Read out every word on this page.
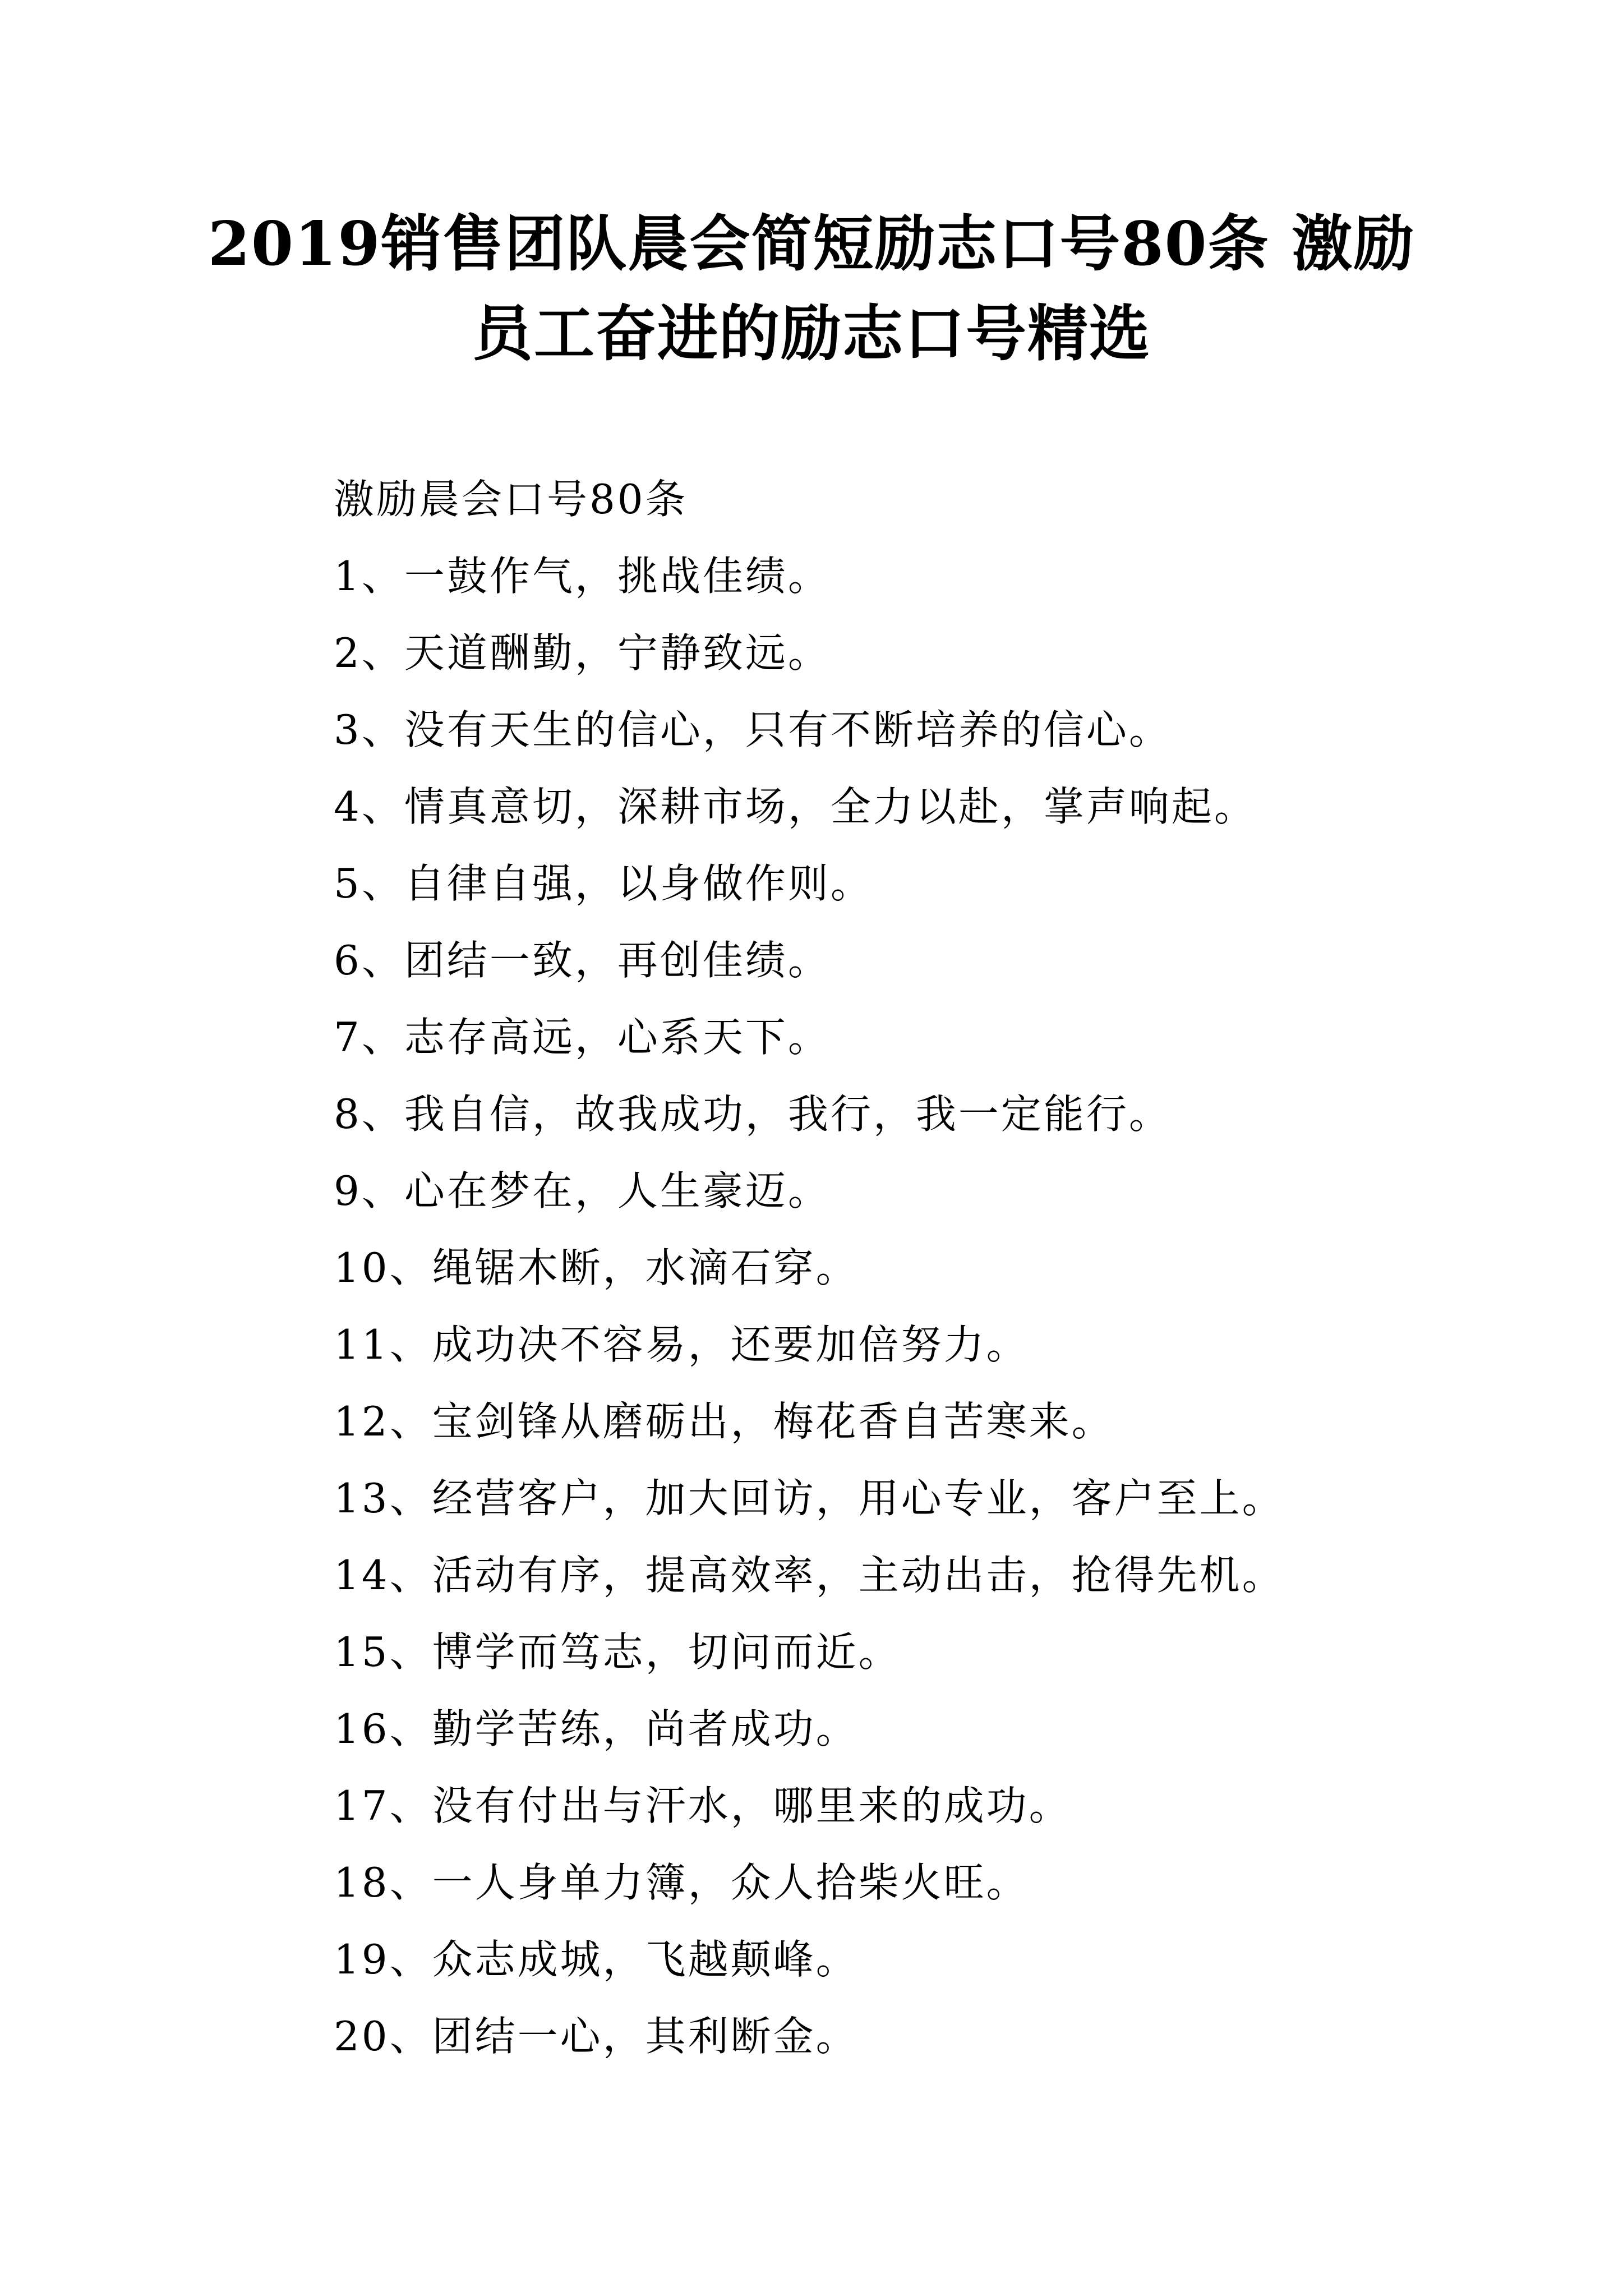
2019销售团队晨会简短励志口号80条 激励
员工奋进的励志口号精选
激励晨会口号80条
1、一鼓作气，挑战佳绩。
2、天道酬勤，宁静致远。
3、没有天生的信心，只有不断培养的信心。
4、情真意切，深耕市场，全力以赴，掌声响起。
5、自律自强，以身做作则。
6、团结一致，再创佳绩。
7、志存高远，心系天下。
8、我自信，故我成功，我行，我一定能行。
9、心在梦在，人生豪迈。
10、绳锯木断，水滴石穿。
11、成功决不容易，还要加倍努力。
12、宝剑锋从磨砺出，梅花香自苦寒来。
13、经营客户，加大回访，用心专业，客户至上。
14、活动有序，提高效率，主动出击，抢得先机。
15、博学而笃志，切问而近。
16、勤学苦练，尚者成功。
17、没有付出与汗水，哪里来的成功。
18、一人身单力簿，众人拾柴火旺。
19、众志成城，飞越颠峰。
20、团结一心，其利断金。
